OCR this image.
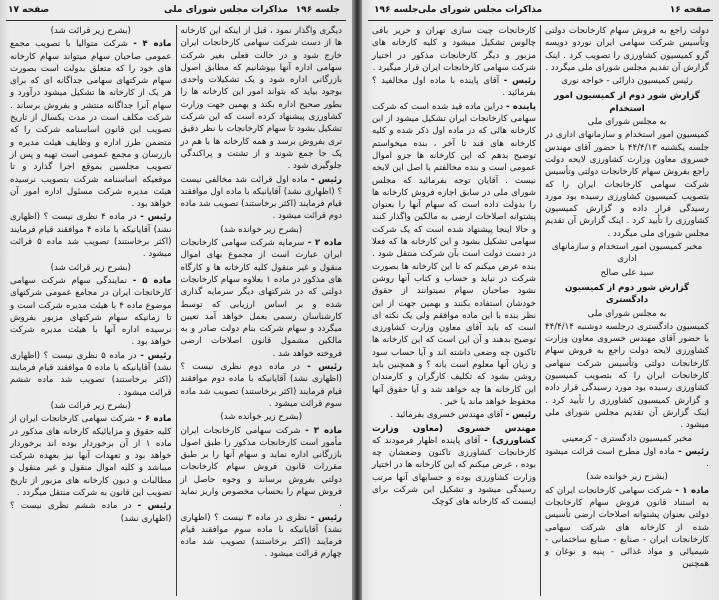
صفحه ۱۷	مذاکرات مجلس شورای ملی جلسه ۱۹۶

دیگری واگذار نمود ، قبل از اینکه این کارخانه ها از دست شرکت سهامی کارخانجات ایران خارج شود و در حالت فعلی بغیر شرکت سهامی اداره آنها بپوشانیم که مطابق اصول بازرگانی اداره شود و یک تشکیلات واحدی بوجود بیاید که بتواند امور این کارخانه ها را بطور صحیح اداره بکند و بهمین جهت وزارت کشاورزی پیشنهاد کرده است که این شرکت تشکیل بشود تا سهام کارخانجات با نظر دقیق تری بفروش برسد و همه کارخانه ها با هم در یک جا جمع شوند و از تشتت و پراکندگی جلوگیری شود .

رئیس - ماده اول قرائت شد مخالفی نیست ؟ (اظهاری نشد) آقایانیکه با ماده اول موافقند قیام فرمایند (اکثر برخاستند) تصویب شد ماده دوم قرائت میشود .

(بشرح زیر خوانده شد)

ماده ۲ - سرمایه شرکت سهامی کارخانجات ایران عبارت است از مجموع بهای اموال منقول و غیر منقول کلیه کارخانه ها و کارگاه های مذکور در ماده ۱ بعلاوه سهام کارخانجات دولتی که در شرکتهای دیگر سرمایه گذاری شده و بر اساس ارزیابی که توسط کارشناسان رسمی بعمل خواهد آمد تعیین میگردد و سهام شرکت بنام دولت صادر و به مالکین مشمول قانون اصلاحات ارضی فروخته خواهد شد .

رئیس - در ماده دوم نظری نیست ؟ (اظهاری نشد) آقایانیکه با ماده دوم موافقند قیام فرمایند (اکثر برخاستند) تصویب شد ماده سوم قرائت میشود .

(بشرح زیر خوانده شد)

ماده ۳ - شرکت سهامی کارخانجات ایران مأمور است کارخانجات مذکور را طبق اصول بازرگانی اداره نماید و سهام آنها را بر طبق مقررات قانون فروش سهام کارخانجات دولتی بفروش برساند و وجوه حاصل از فروش سهام را بحساب مخصوص واریز نماید .

رئیس - نظری در ماده ۳ نیست ؟ (اظهاری نشد) آقایانیکه با ماده سوم موافقند قیام فرمایند (اکثر برخاستند) تصویب شد ماده چهارم قرائت میشود .

(بشرح زیر قرائت شد)

ماده ۴ - شرکت متوالیا با تصویب مجمع عمومی صاحبان سهام میتواند سهام کارخانه های خود را که متعلق بدولت است بصورت سهام شرکتهای سهامی جداگانه ای که برای هر یک از کارخانه ها تشکیل میشود درآورد و سهام آنرا جداگانه منتشر و بفروش برساند . شرکت مکلف است در مدت یکسال از تاریخ تصویب این قانون اساسنامه شرکت را که متضمن طرز اداره و وظایف هیئت مدیره و بازرسان و مجمع عمومی است تهیه و پس از تصویب مجلسین بموقع اجرا گذارد و تا موقعیکه اساسنامه شرکت بتصویب نرسیده هیئت مدیره شرکت مسئول اداره امور آن خواهد بود .

رئیس - در ماده ۴ نظری نیست ؟ (اظهاری نشد) آقایانیکه با ماده ۴ موافقند قیام فرمایند (اکثر برخاستند) تصویب شد ماده ۵ قرائت میشود .

(بشرح زیر قرائت شد)

ماده ۵ - نمایندگی سهام شرکت سهامی کارخانجات ایران در مجامع عمومی شرکتهای موضوع ماده ۴ با هیئت مدیره شرکت است و تا زمانیکه سهام شرکتهای مزبور بفروش نرسیده اداره آنها با هیئت مدیره شرکت خواهد بود .

رئیس - در ماده ۵ نظری نیست ؟ (اظهاری نشد) آقایانیکه با ماده ۵ موافقند قیام فرمایند (اکثر برخاستند) تصویب شد ماده ششم قرائت میشود .

(بشرح زیر قرائت شد)

ماده ۶ - شرکت سهامی کارخانجات ایران از کلیه حقوق و مزایائیکه کارخانه های مذکور در ماده ۱ از آن برخوردار بوده اند برخوردار خواهد بود و تعهدات آنها نیز بعهده شرکت میباشد و کلیه اموال منقول و غیر منقول و مطالبات و دیون کارخانه های مزبور از تاریخ تصویب این قانون به شرکت منتقل میگردد .

رئیس - در ماده ششم نظری نیست ؟ (اظهاری نشد)

جلسه ۱۹۶ مذاکرات مجلس شورای ملی	صفحه ۱۶

دولت راجع به فروش سهام کارخانجات دولتی وتأسیس شرکت سهامی ایران نوردو دویسه گرو کمیسیون کشاورزی را تصویب کرد . اینک گزارش آن تقدیم مجلس شورای ملی میگردد .

رئیس کمیسیون دارائی - خواجه نوری

گزارش شور دوم از کمیسیون امور استخدام

به مجلس شورای ملی

کمیسیون امور استخدام و سازمانهای اداری در جلسه یکشنبه ۴۴/۴/۱۳ با حضور آقای مهندس خسروی معاون وزارت کشاورزی لایحه دولت راجع بفروش سهام کارخانجات دولتی وتأسیس شرکت سهامی کارخانجات ایران را که بتصویب کمیسیون کشاورزی رسیده بود مورد رسیدگی قرار داده و گزارش کمیسیون کشاورزی را تأیید کرد . اینک گزارش آن تقدیم مجلس شورای ملی میگردد .

مخبر کمیسیون امور استخدام و سازمانهای اداری

سید علی صالح

گزارش شور دوم از کمیسیون دادگستری

به مجلس شورای ملی

کمیسیون دادگستری درجلسه دوشنبه ۴۴/۴/۱۴ با حضور آقای مهندس خسروی معاون وزارت کشاورزی لایحه دولت راجع به فروش سهام کارخانجات دولتی وتأسیس شرکت سهامی کارخانجات ایران را که بتصویب کمیسیون کشاورزی رسیده بود مورد رسیدگی قرار داده و گزارش کمیسیون کشاورزی را تأیید کرد . اینک گزارش آن تقدیم مجلس شورای ملی میشود .

مخبر کمیسیون دادگستری - کرمعینی

رئیس - ماده اول مطرح است قرائت میشود .

(بشرح زیر خوانده شد)

ماده ۱ - شرکت سهامی کارخانجات ایران که به استناد قانون فروش سهام کارخانجات دولتی بعنوان پشتوانه اصلاحات ارضی تأسیس شده از کارخانه های شرکت سهامی کارخانجات ایران - صنایع - صنایع ساختمانی - شیمیائی و مواد غذائی - پنبه و نوغان و همچنین

کارخانجات چیت سازی تهران و حریر بافی چالوس تشکیل میشود و کلیه کارخانه های مزبور و دیگر کارخانجات مذکور در اختیار شرکت سهامی کارخانجات ایران قرار میگیرد .

رئیس - آقای پاینده با ماده اول مخالفید ؟ بفرمائید .

پاینده - دراین ماده قید شده است که شرکت سهامی کارخانجات ایران تشکیل میشود از این کارخانه هائی که در ماده اول ذکر شده و کلیه کارخانه های قند تا آخر ، بنده میخواستم توضیح بدهم که این کارخانه ها جزو اموال عمومی است و بنده مخالفتم با اصل این لایحه نیست . آقایان توجه بفرمائید که مجلس شورای ملی در سابق اجازه فروش کارخانه ها را بدولت داده است که سهام آنها را بعنوان پشتوانه اصلاحات ارضی به مالکین واگذار کنند و حالا اینجا پیشنهاد شده است که یک شرکت سهامی تشکیل بشود و این کارخانه ها که فعلا در دست دولت است بآن شرکت منتقل شود . بنده عرض میکنم که تا این کارخانه ها بصورت شرکت در نیاید و حساب و کتاب آنها روشن نشود صاحبان سهام نمیتوانند از حقوق خودشان استفاده بکنند و بهمین جهت از این نظر بنده با این ماده موافقم ولی یک نکته ای است که باید آقای معاون وزارت کشاورزی توضیح بدهند و آن این است که این کارخانه ها تاکنون چه وضعی داشته اند و آیا حساب سود و زیان آنها معلوم است یانه ؟ و همچنین باید روشن بشود که تکلیف کارگران و کارمندان این کارخانه ها چه خواهد شد و آیا حقوق آنها محفوظ خواهد ماند یا خیر .

رئیس - آقای مهندس خسروی بفرمائید .

مهندس خسروی (معاون وزارت کشاورزی) - آقای پاینده اظهار فرمودند که کارخانجات کشاورزی تاکنون وضعشان چه بوده ، عرض میکنم که این کارخانه ها در اختیار وزارت کشاورزی بوده و حسابهای آنها مرتب رسیدگی میشود و تشکیل این شرکت برای اینست که کارخانه های کوچک
